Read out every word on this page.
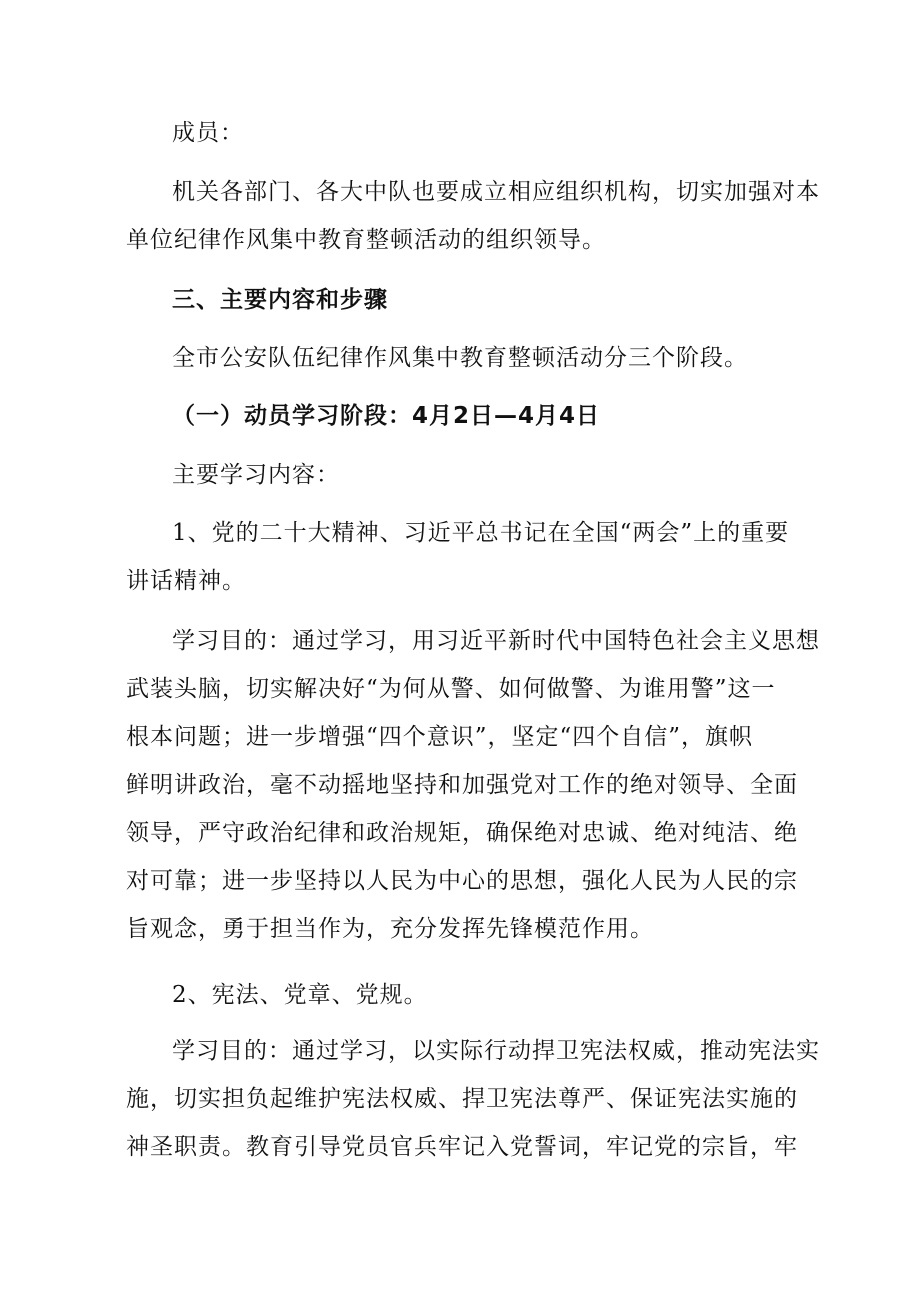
成员：

机关各部门、各大中队也要成立相应组织机构，切实加强对本

单位纪律作风集中教育整顿活动的组织领导。

三、主要内容和步骤

全市公安队伍纪律作风集中教育整顿活动分三个阶段。

（一）动员学习阶段：4月2日—4月4日

主要学习内容：

1、党的二十大精神、习近平总书记在全国“两会”上的重要

讲话精神。

学习目的：通过学习，用习近平新时代中国特色社会主义思想

武装头脑，切实解决好“为何从警、如何做警、为谁用警”这一

根本问题；进一步增强“四个意识”，坚定“四个自信”，旗帜

鲜明讲政治，毫不动摇地坚持和加强党对工作的绝对领导、全面

领导，严守政治纪律和政治规矩，确保绝对忠诚、绝对纯洁、绝

对可靠；进一步坚持以人民为中心的思想，强化人民为人民的宗

旨观念，勇于担当作为，充分发挥先锋模范作用。

2、宪法、党章、党规。

学习目的：通过学习，以实际行动捍卫宪法权威，推动宪法实

施，切实担负起维护宪法权威、捍卫宪法尊严、保证宪法实施的

神圣职责。教育引导党员官兵牢记入党誓词，牢记党的宗旨，牢
